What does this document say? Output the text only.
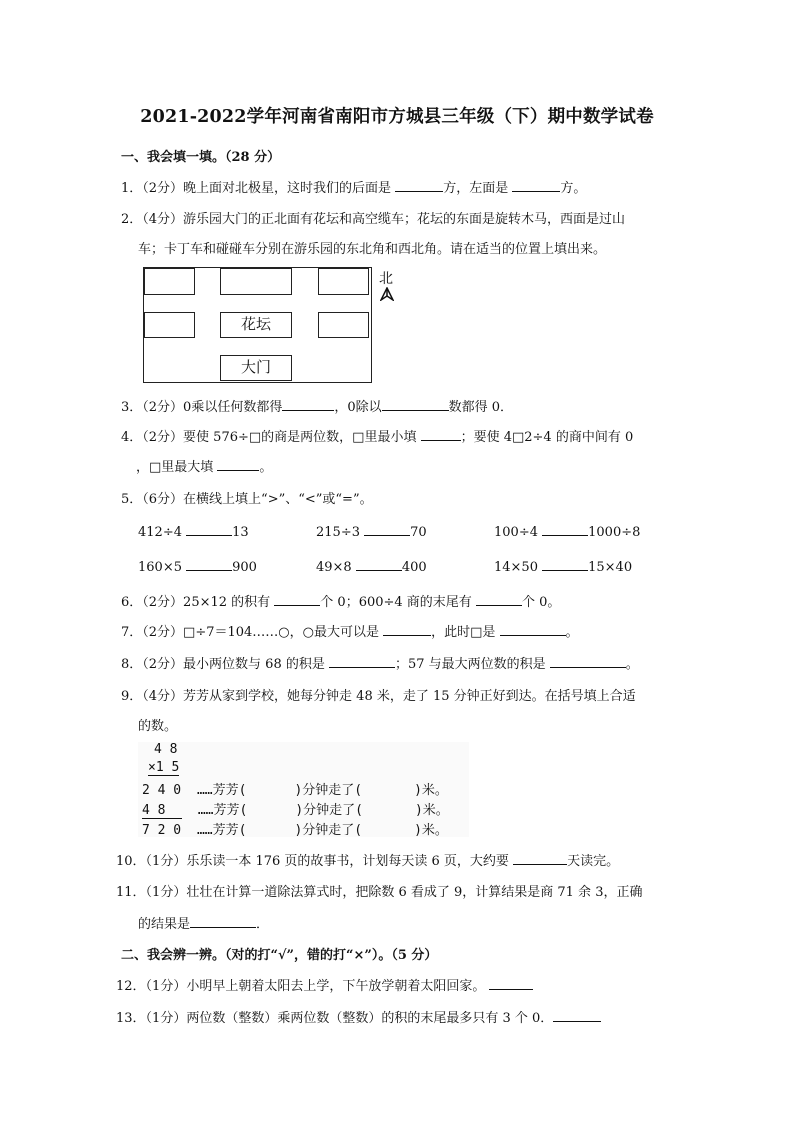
2021-2022学年河南省南阳市方城县三年级（下）期中数学试卷
一、我会填一填。（28 分）
1．（2分）晚上面对北极星，这时我们的后面是	方，左面是	方。
2．（4分）游乐园大门的正北面有花坛和高空缆车；花坛的东面是旋转木马，西面是过山
车；卡丁车和碰碰车分别在游乐园的东北角和西北角。请在适当的位置上填出来。
花坛
大门
北
3．（2分）0乘以任何数都得	，0除以	数都得 0．
4．（2分）要使 576÷□的商是两位数，□里最小填	；要使 4□2÷4 的商中间有 0
，□里最大填	。
5．（6分）在横线上填上“>”、“<”或“=”。
412÷4	13	215÷3	70	100÷4	1000÷8
160×5	900	49×8	400	14×50	15×40
6．（2分）25×12 的积有	个 0；600÷4 商的末尾有	个 0。
7．（2分）□÷7＝104……○，○最大可以是	，此时□是	。
8．（2分）最小两位数与 68 的积是	；57 与最大两位数的积是	。
9．（4分）芳芳从家到学校，她每分钟走 48 米，走了 15 分钟正好到达。在括号填上合适
的数。
4 8
×1 5
2 4 0 ……芳芳(	)分钟走了(	)米。
4 8 ……芳芳(	)分钟走了(	)米。
7 2 0 ……芳芳(	)分钟走了(	)米。
10．（1分）乐乐读一本 176 页的故事书，计划每天读 6 页，大约要	天读完。
11．（1分）壮壮在计算一道除法算式时，把除数 6 看成了 9，计算结果是商 71 余 3，正确
的结果是	．
二、我会辨一辨。（对的打“√”，错的打“×”）。（5 分）
12．（1分）小明早上朝着太阳去上学，下午放学朝着太阳回家。
13．（1分）两位数（整数）乘两位数（整数）的积的末尾最多只有 3 个 0．
